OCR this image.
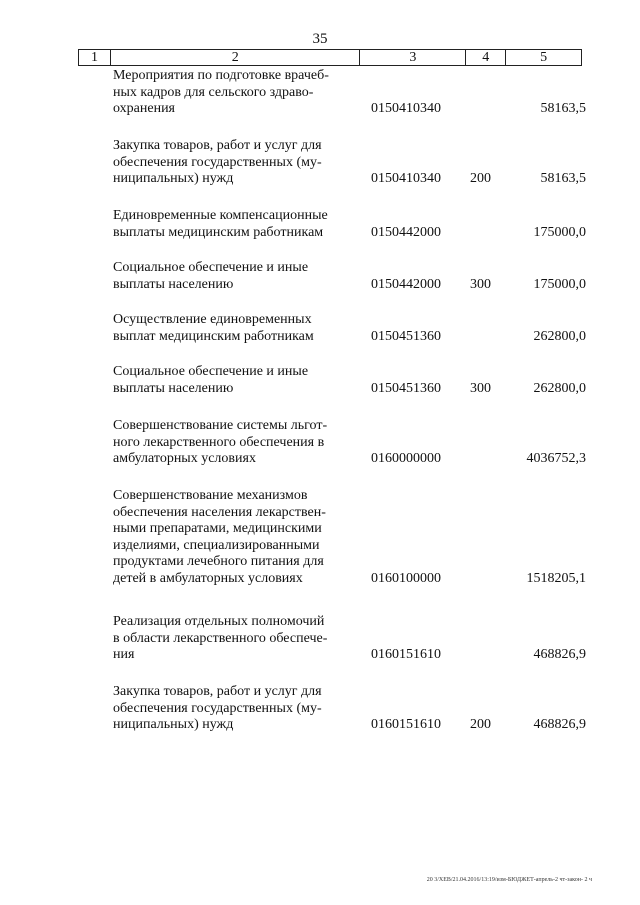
35
1	2	3	4	5
Мероприятия по подготовке врачеб-
ных кадров для сельского здраво-
охранения	0150410340	58163,5
Закупка товаров, работ и услуг для
обеспечения государственных (му-
ниципальных) нужд	0150410340 200	58163,5
Единовременные компенсационные
выплаты медицинским работникам	0150442000	175000,0
Социальное обеспечение и иные
выплаты населению	0150442000 300	175000,0
Осуществление единовременных
выплат медицинским работникам	0150451360	262800,0
Социальное обеспечение и иные
выплаты населению	0150451360 300	262800,0
Совершенствование системы льгот-
ного лекарственного обеспечения в
амбулаторных условиях	0160000000	4036752,3
Совершенствование механизмов
обеспечения населения лекарствен-
ными препаратами, медицинскими
изделиями, специализированными
продуктами лечебного питания для
детей в амбулаторных условиях	0160100000	1518205,1
Реализация отдельных полномочий
в области лекарственного обеспече-
ния	0160151610	468826,9
Закупка товаров, работ и услуг для
обеспечения государственных (му-
ниципальных) нужд	0160151610 200	468826,9
20 3/ХЕВ/21.04.2016/13:19/изм-БЮДЖЕТ-апрель-2 чт-закон- 2 ч
